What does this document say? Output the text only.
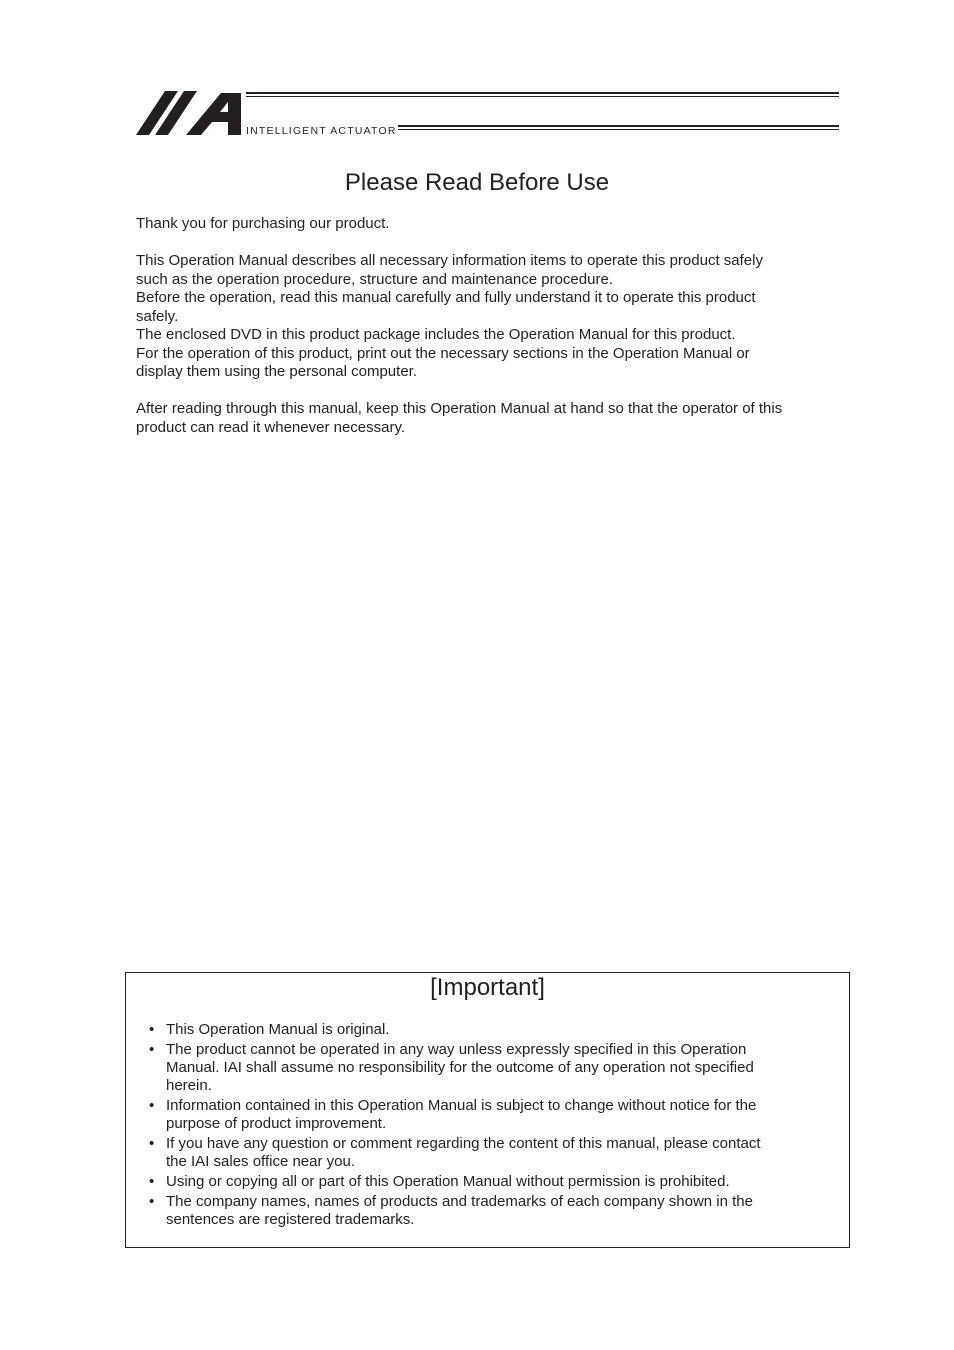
INTELLIGENT ACTUATOR
Please Read Before Use

Thank you for purchasing our product.

This Operation Manual describes all necessary information items to operate this product safely
such as the operation procedure, structure and maintenance procedure.
Before the operation, read this manual carefully and fully understand it to operate this product
safely.
The enclosed DVD in this product package includes the Operation Manual for this product.
For the operation of this product, print out the necessary sections in the Operation Manual or
display them using the personal computer.

After reading through this manual, keep this Operation Manual at hand so that the operator of this
product can read it whenever necessary.

[Important]
• This Operation Manual is original.
• The product cannot be operated in any way unless expressly specified in this Operation
Manual. IAI shall assume no responsibility for the outcome of any operation not specified
herein.
• Information contained in this Operation Manual is subject to change without notice for the
purpose of product improvement.
• If you have any question or comment regarding the content of this manual, please contact
the IAI sales office near you.
• Using or copying all or part of this Operation Manual without permission is prohibited.
• The company names, names of products and trademarks of each company shown in the
sentences are registered trademarks.
